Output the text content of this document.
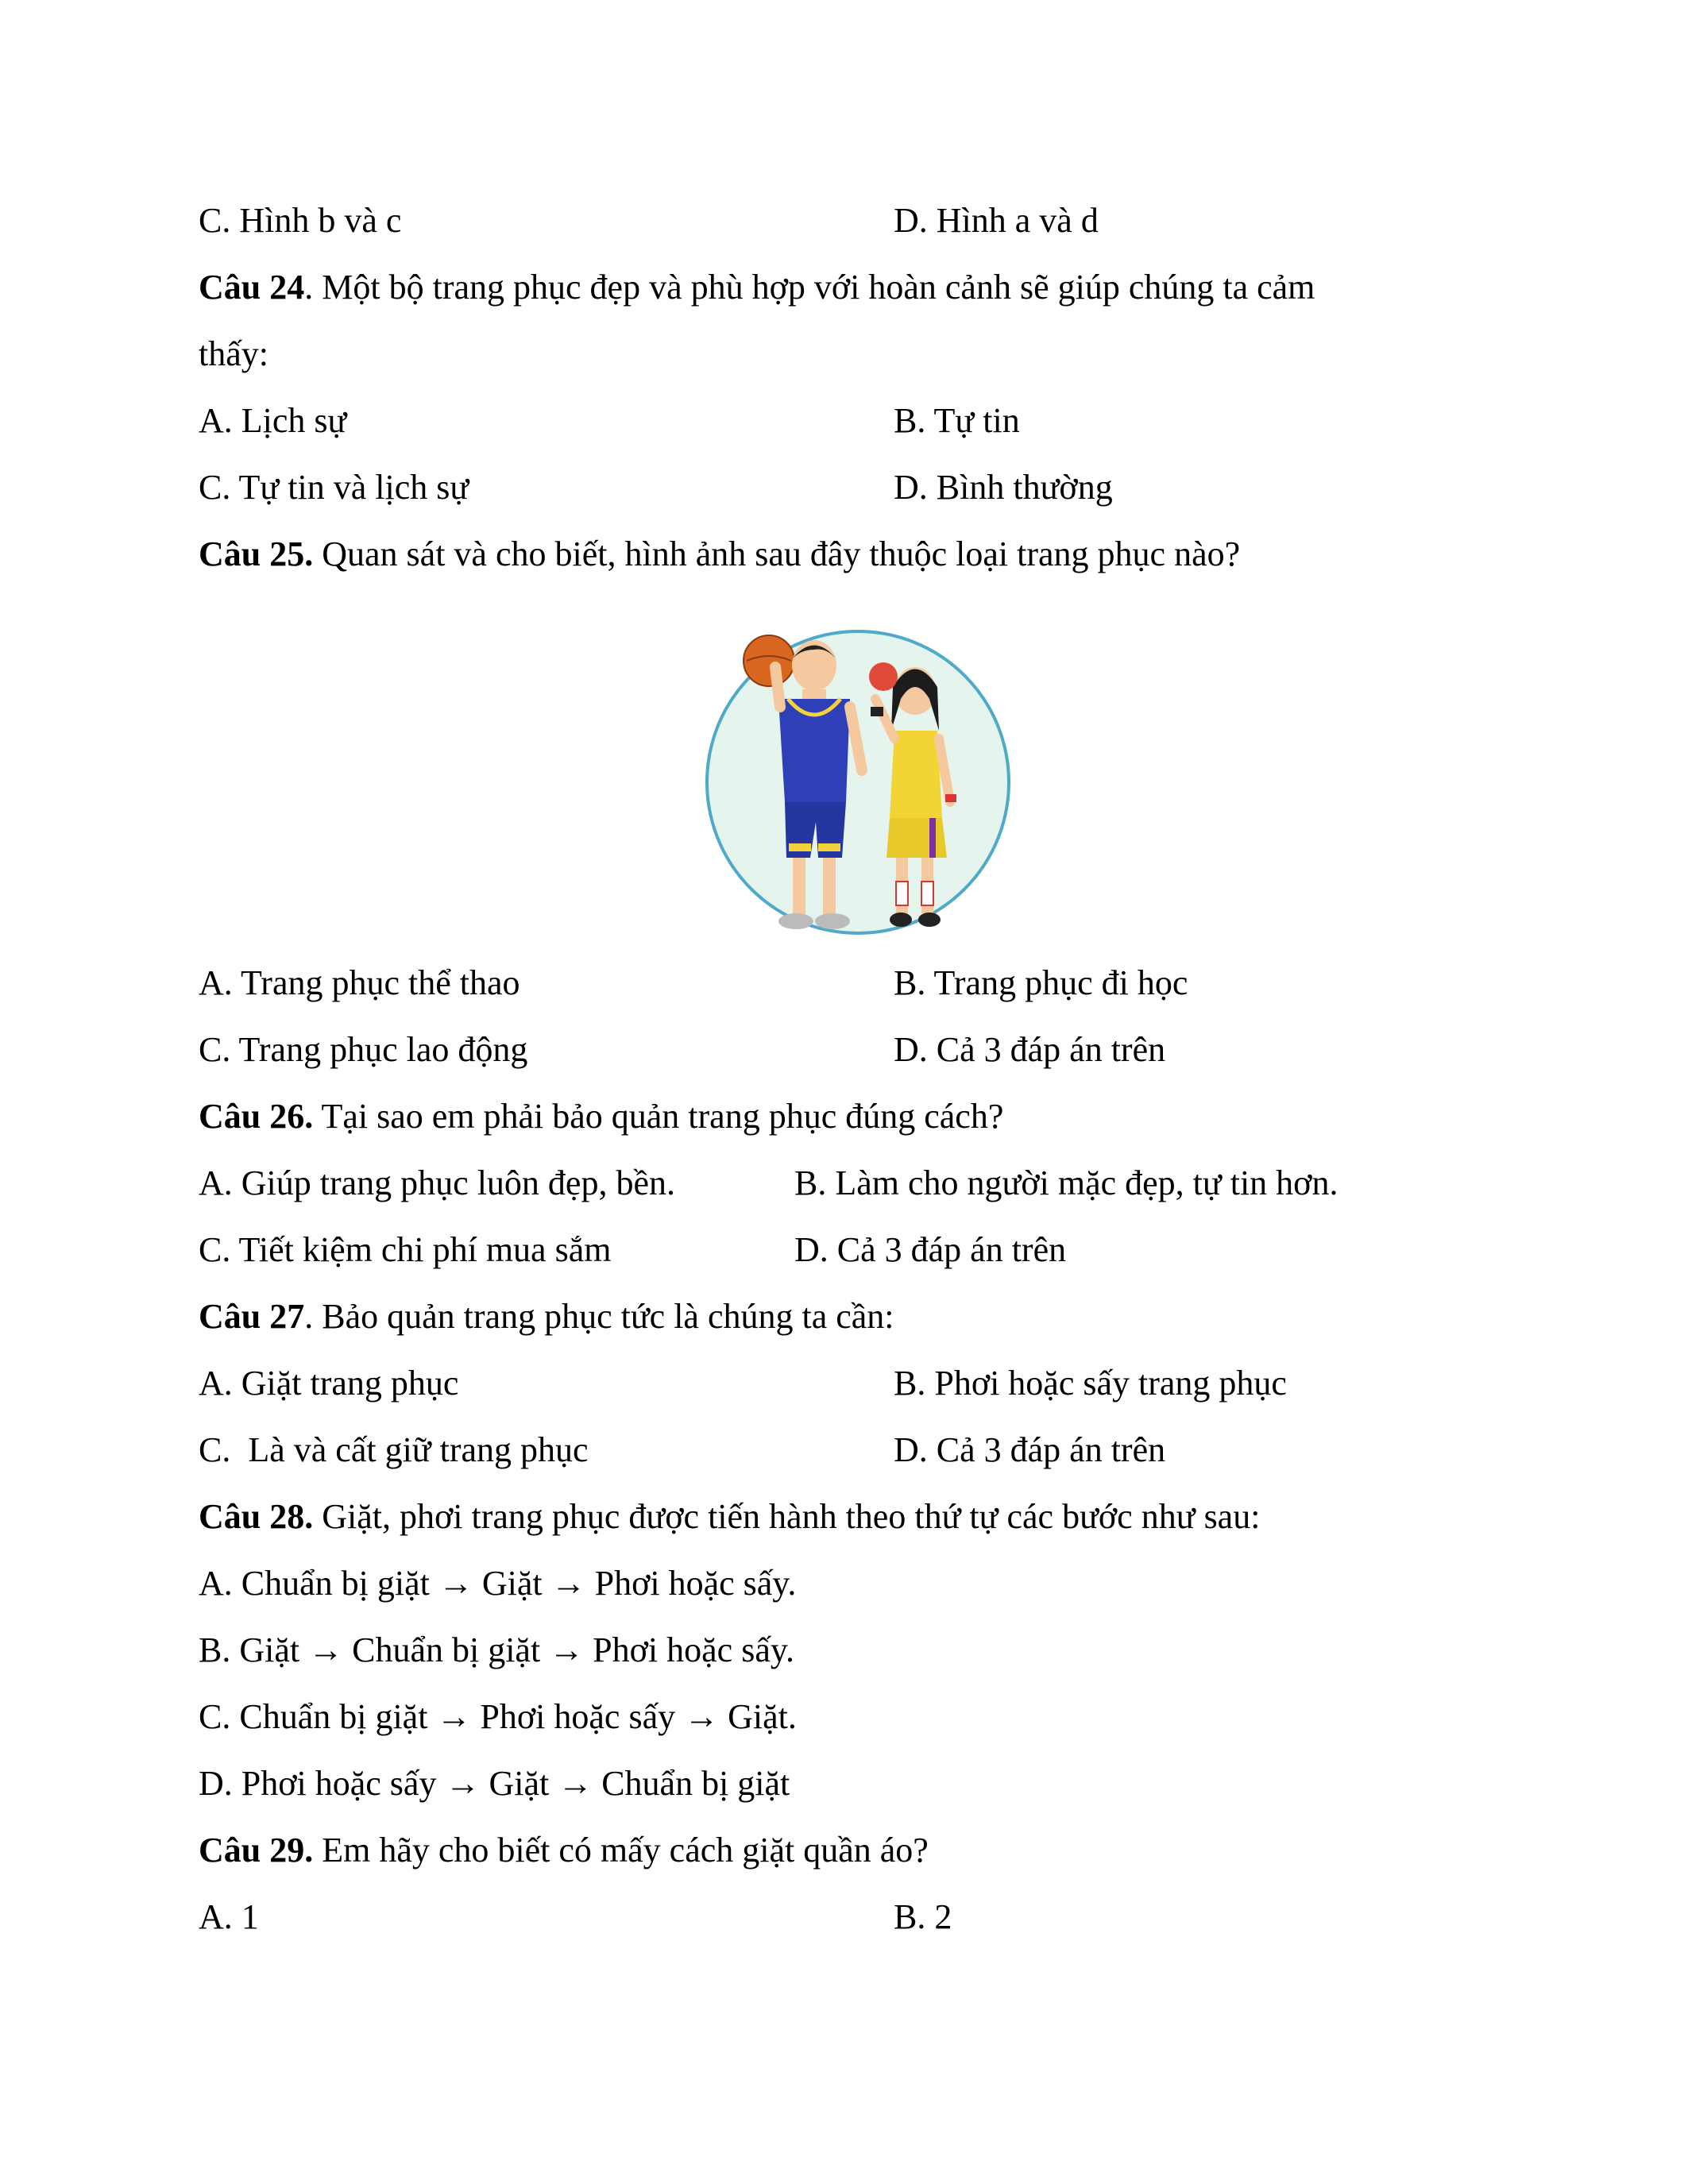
C. Hình b và c	D. Hình a và d
Câu 24. Một bộ trang phục đẹp và phù hợp với hoàn cảnh sẽ giúp chúng ta cảm
thấy:
A. Lịch sự	B. Tự tin
C. Tự tin và lịch sự	D. Bình thường
Câu 25. Quan sát và cho biết, hình ảnh sau đây thuộc loại trang phục nào?
A. Trang phục thể thao	B. Trang phục đi học
C. Trang phục lao động	D. Cả 3 đáp án trên
Câu 26. Tại sao em phải bảo quản trang phục đúng cách?
A. Giúp trang phục luôn đẹp, bền.	B. Làm cho người mặc đẹp, tự tin hơn.
C. Tiết kiệm chi phí mua sắm	D. Cả 3 đáp án trên
Câu 27. Bảo quản trang phục tức là chúng ta cần:
A. Giặt trang phục	B. Phơi hoặc sấy trang phục
C.  Là và cất giữ trang phục	D. Cả 3 đáp án trên
Câu 28. Giặt, phơi trang phục được tiến hành theo thứ tự các bước như sau:
A. Chuẩn bị giặt → Giặt → Phơi hoặc sấy.
B. Giặt → Chuẩn bị giặt → Phơi hoặc sấy.
C. Chuẩn bị giặt → Phơi hoặc sấy → Giặt.
D. Phơi hoặc sấy → Giặt → Chuẩn bị giặt
Câu 29. Em hãy cho biết có mấy cách giặt quần áo?
A. 1	B. 2
